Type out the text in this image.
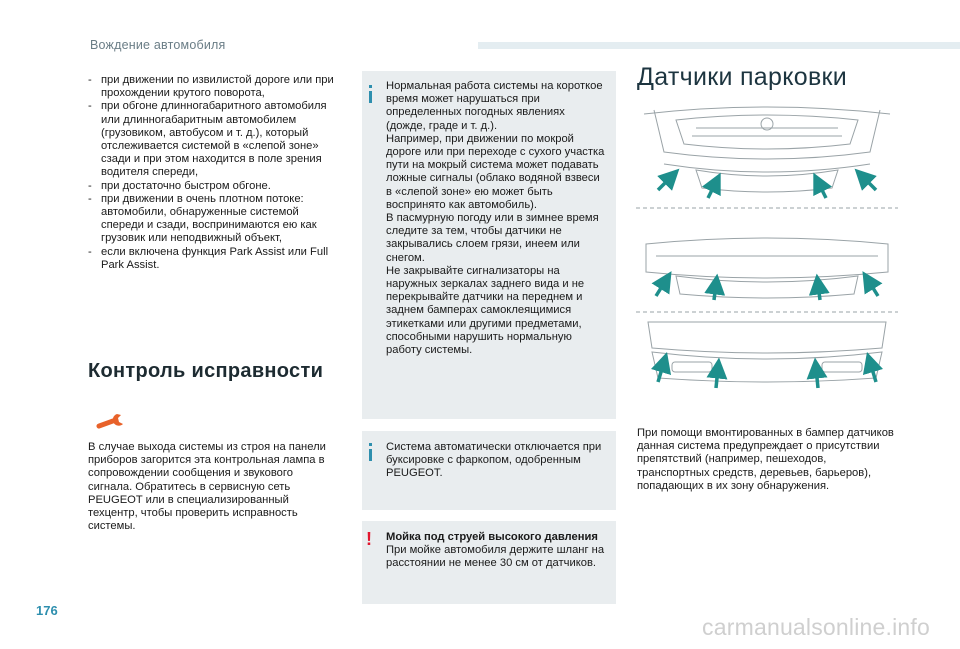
Вождение автомобиля
- при движении по извилистой дороге или при прохождении крутого поворота,
- при обгоне длинногабаритного автомобиля или длинногабаритным автомобилем (грузовиком, автобусом и т. д.), который отслеживается системой в «слепой зоне» сзади и при этом находится в поле зрения водителя спереди,
- при достаточно быстром обгоне.
- при движении в очень плотном потоке: автомобили, обнаруженные системой спереди и сзади, воспринимаются ею как грузовик или неподвижный объект,
- если включена функция Park Assist или Full Park Assist.
Контроль исправности
В случае выхода системы из строя на панели приборов загорится эта контрольная лампа в сопровождении сообщения и звукового сигнала. Обратитесь в сервисную сеть PEUGEOT или в специализированный техцентр, чтобы проверить исправность системы.

Нормальная работа системы на короткое время может нарушаться при определенных погодных явлениях (дожде, граде и т. д.).

Например, при движении по мокрой дороге или при переходе с сухого участка пути на мокрый система может подавать ложные сигналы (облако водяной взвеси в «слепой зоне» ею может быть воспринято как автомобиль).

В пасмурную погоду или в зимнее время следите за тем, чтобы датчики не закрывались слоем грязи, инеем или снегом.

Не закрывайте сигнализаторы на наружных зеркалах заднего вида и не перекрывайте датчики на переднем и заднем бамперах самоклеящимися этикетками или другими предметами, способными нарушить нормальную работу системы.

Система автоматически отключается при буксировке с фаркопом, одобренным PEUGEOT.

! Мойка под струей высокого давления

При мойке автомобиля держите шланг на расстоянии не менее 30 см от датчиков.

Датчики парковки
При помощи вмонтированных в бампер датчиков данная система предупреждает о присутствии препятствий (например, пешеходов, транспортных средств, деревьев, барьеров), попадающих в их зону обнаружения.
176
carmanualsonline.info
